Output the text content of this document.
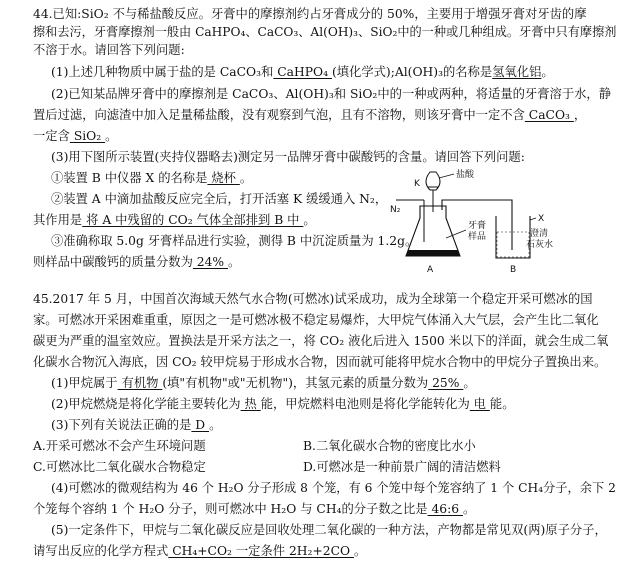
44.已知:SiO₂ 不与稀盐酸反应。牙膏中的摩擦剂约占牙膏成分的 50%，主要用于增强牙膏对牙齿的摩
擦和去污，牙膏摩擦剂一般由 CaHPO₄、CaCO₃、Al(OH)₃、SiO₂中的一种或几种组成。牙膏中只有摩擦剂
不溶于水。请回答下列问题:
(1)上述几种物质中属于盐的是 CaCO₃和 CaHPO₄ (填化学式);Al(OH)₃的名称是氢氧化铝。
(2)已知某品牌牙膏中的摩擦剂是 CaCO₃、Al(OH)₃和 SiO₂中的一种或两种，将适量的牙膏溶于水，静
置后过滤，向滤渣中加入足量稀盐酸，没有观察到气泡，且有不溶物，则该牙膏中一定不含 CaCO₃ ，
一定含 SiO₂ 。
(3)用下图所示装置(夹持仪器略去)测定另一品牌牙膏中碳酸钙的含量。请回答下列问题:
①装置 B 中仪器 X 的名称是 烧杯 。
②装置 A 中滴加盐酸反应完全后，打开活塞 K 缓缓通入 N₂，
其作用是 将 A 中残留的 CO₂ 气体全部排到 B 中 。
③准确称取 5.0g 牙膏样品进行实验，测得 B 中沉淀质量为 1.2g。
则样品中碳酸钙的质量分数为 24% 。
盐酸
K
N₂
牙膏
样品
X
澄清
石灰水
A	B
45.2017 年 5 月，中国首次海域天然气水合物(可燃冰)试采成功，成为全球第一个稳定开采可燃冰的国
家。可燃冰开采困难重重，原因之一是可燃冰极不稳定易爆炸，大甲烷气体涌入大气层，会产生比二氧化
碳更为严重的温室效应。置换法是开采方法之一，将 CO₂ 液化后进入 1500 米以下的洋面，就会生成二氧
化碳水合物沉入海底，因 CO₂ 较甲烷易于形成水合物，因而就可能将甲烷水合物中的甲烷分子置换出来。
(1)甲烷属于 有机物 (填"有机物"或"无机物")，其氢元素的质量分数为 25% 。
(2)甲烷燃烧是将化学能主要转化为 热 能，甲烷燃料电池则是将化学能转化为 电 能。
(3)下列有关说法正确的是 D 。
A.开采可燃冰不会产生环境问题	B.二氧化碳水合物的密度比水小
C.可燃冰比二氧化碳水合物稳定	D.可燃冰是一种前景广阔的清洁燃料
(4)可燃冰的微观结构为 46 个 H₂O 分子形成 8 个笼，有 6 个笼中每个笼容纳了 1 个 CH₄分子，余下 2
个笼每个容纳 1 个 H₂O 分子，则可燃冰中 H₂O 与 CH₄的分子数之比是 46:6 。
(5)一定条件下，甲烷与二氧化碳反应是回收处理二氧化碳的一种方法，产物都是常见双(两)原子分子，
请写出反应的化学方程式 CH₄+CO₂ 一定条件 2H₂+2CO 。
